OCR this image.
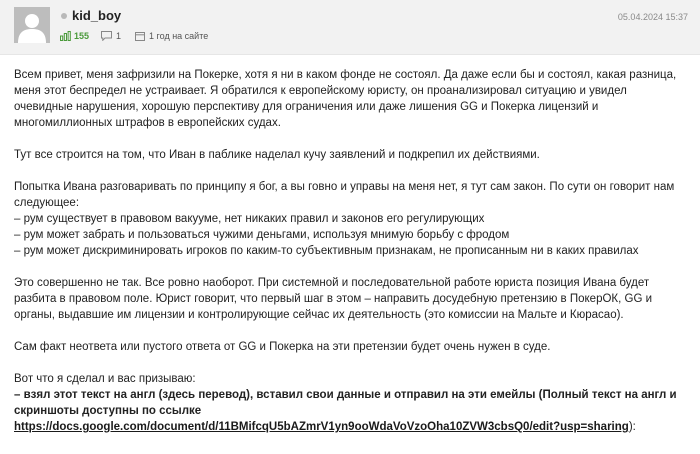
kid_boy
155	1	1 год на сайте
05.04.2024 15:37

Всем привет, меня зафризили на Покерке, хотя я ни в каком фонде не состоял. Да даже если бы и состоял, какая разница, меня этот беспредел не устраивает. Я обратился к европейскому юристу, он проанализировал ситуацию и увидел очевидные нарушения, хорошую перспективу для ограничения или даже лишения GG и Покерка лицензий и многомиллионных штрафов в европейских судах.

Тут все строится на том, что Иван в паблике наделал кучу заявлений и подкрепил их действиями.

Попытка Ивана разговаривать по принципу я бог, а вы говно и управы на меня нет, я тут сам закон. По сути он говорит нам следующее:
– рум существует в правовом вакууме, нет никаких правил и законов его регулирующих
– рум может забрать и пользоваться чужими деньгами, используя мнимую борьбу с фродом
– рум может дискриминировать игроков по каким-то субъективным признакам, не прописанным ни в каких правилах

Это совершенно не так. Все ровно наоборот. При системной и последовательной работе юриста позиция Ивана будет разбита в правовом поле. Юрист говорит, что первый шаг в этом – направить досудебную претензию в ПокерОК, GG и органы, выдавшие им лицензии и контролирующие сейчас их деятельность (это комиссии на Мальте и Кюрасао).

Сам факт неответа или пустого ответа от GG и Покерка на эти претензии будет очень нужен в суде.

Вот что я сделал и вас призываю:
– взял этот текст на англ (здесь перевод), вставил свои данные и отправил на эти емейлы (Полный текст на англ и скриншоты доступны по ссылке https://docs.google.com/document/d/11BMifcqU5bAZmrV1yn9ooWdaVoVzoOha10ZVW3cbsQ0/edit?usp=sharing):
